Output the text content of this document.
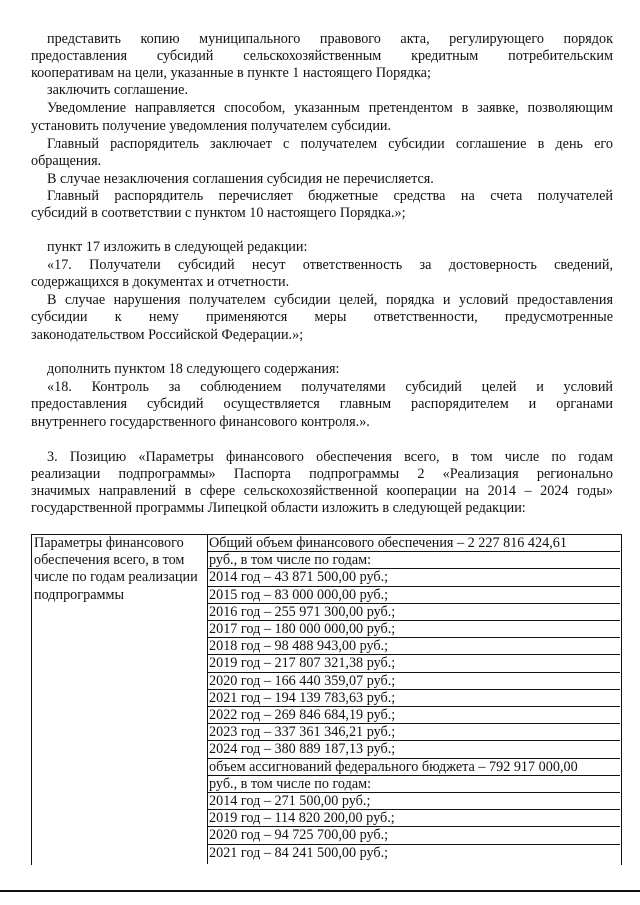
представить копию муниципального правового акта, регулирующего порядок
предоставления субсидий сельскохозяйственным кредитным потребительским
кооперативам на цели, указанные в пункте 1 настоящего Порядка;
заключить соглашение.
Уведомление направляется способом, указанным претендентом в заявке, позволяющим
установить получение уведомления получателем субсидии.
Главный распорядитель заключает с получателем субсидии соглашение в день его
обращения.
В случае незаключения соглашения субсидия не перечисляется.
Главный распорядитель перечисляет бюджетные средства на счета получателей
субсидий в соответствии с пунктом 10 настоящего Порядка.»;
пункт 17 изложить в следующей редакции:
«17. Получатели субсидий несут ответственность за достоверность сведений,
содержащихся в документах и отчетности.
В случае нарушения получателем субсидии целей, порядка и условий предоставления
субсидии к нему применяются меры ответственности, предусмотренные
законодательством Российской Федерации.»;
дополнить пунктом 18 следующего содержания:
«18. Контроль за соблюдением получателями субсидий целей и условий
предоставления субсидий осуществляется главным распорядителем и органами
внутреннего государственного финансового контроля.».
3. Позицию «Параметры финансового обеспечения всего, в том числе по годам
реализации подпрограммы» Паспорта подпрограммы 2 «Реализация регионально
значимых направлений в сфере сельскохозяйственной кооперации на 2014 – 2024 годы»
государственной программы Липецкой области изложить в следующей редакции:
Параметры финансового
обеспечения всего, в том
числе по годам реализации
подпрограммы
Общий объем финансового обеспечения – 2 227 816 424,61
руб., в том числе по годам:
2014 год – 43 871 500,00 руб.;
2015 год – 83 000 000,00 руб.;
2016 год – 255 971 300,00 руб.;
2017 год – 180 000 000,00 руб.;
2018 год – 98 488 943,00 руб.;
2019 год – 217 807 321,38 руб.;
2020 год – 166 440 359,07 руб.;
2021 год – 194 139 783,63 руб.;
2022 год – 269 846 684,19 руб.;
2023 год – 337 361 346,21 руб.;
2024 год – 380 889 187,13 руб.;
объем ассигнований федерального бюджета – 792 917 000,00
руб., в том числе по годам:
2014 год – 271 500,00 руб.;
2019 год – 114 820 200,00 руб.;
2020 год – 94 725 700,00 руб.;
2021 год – 84 241 500,00 руб.;
